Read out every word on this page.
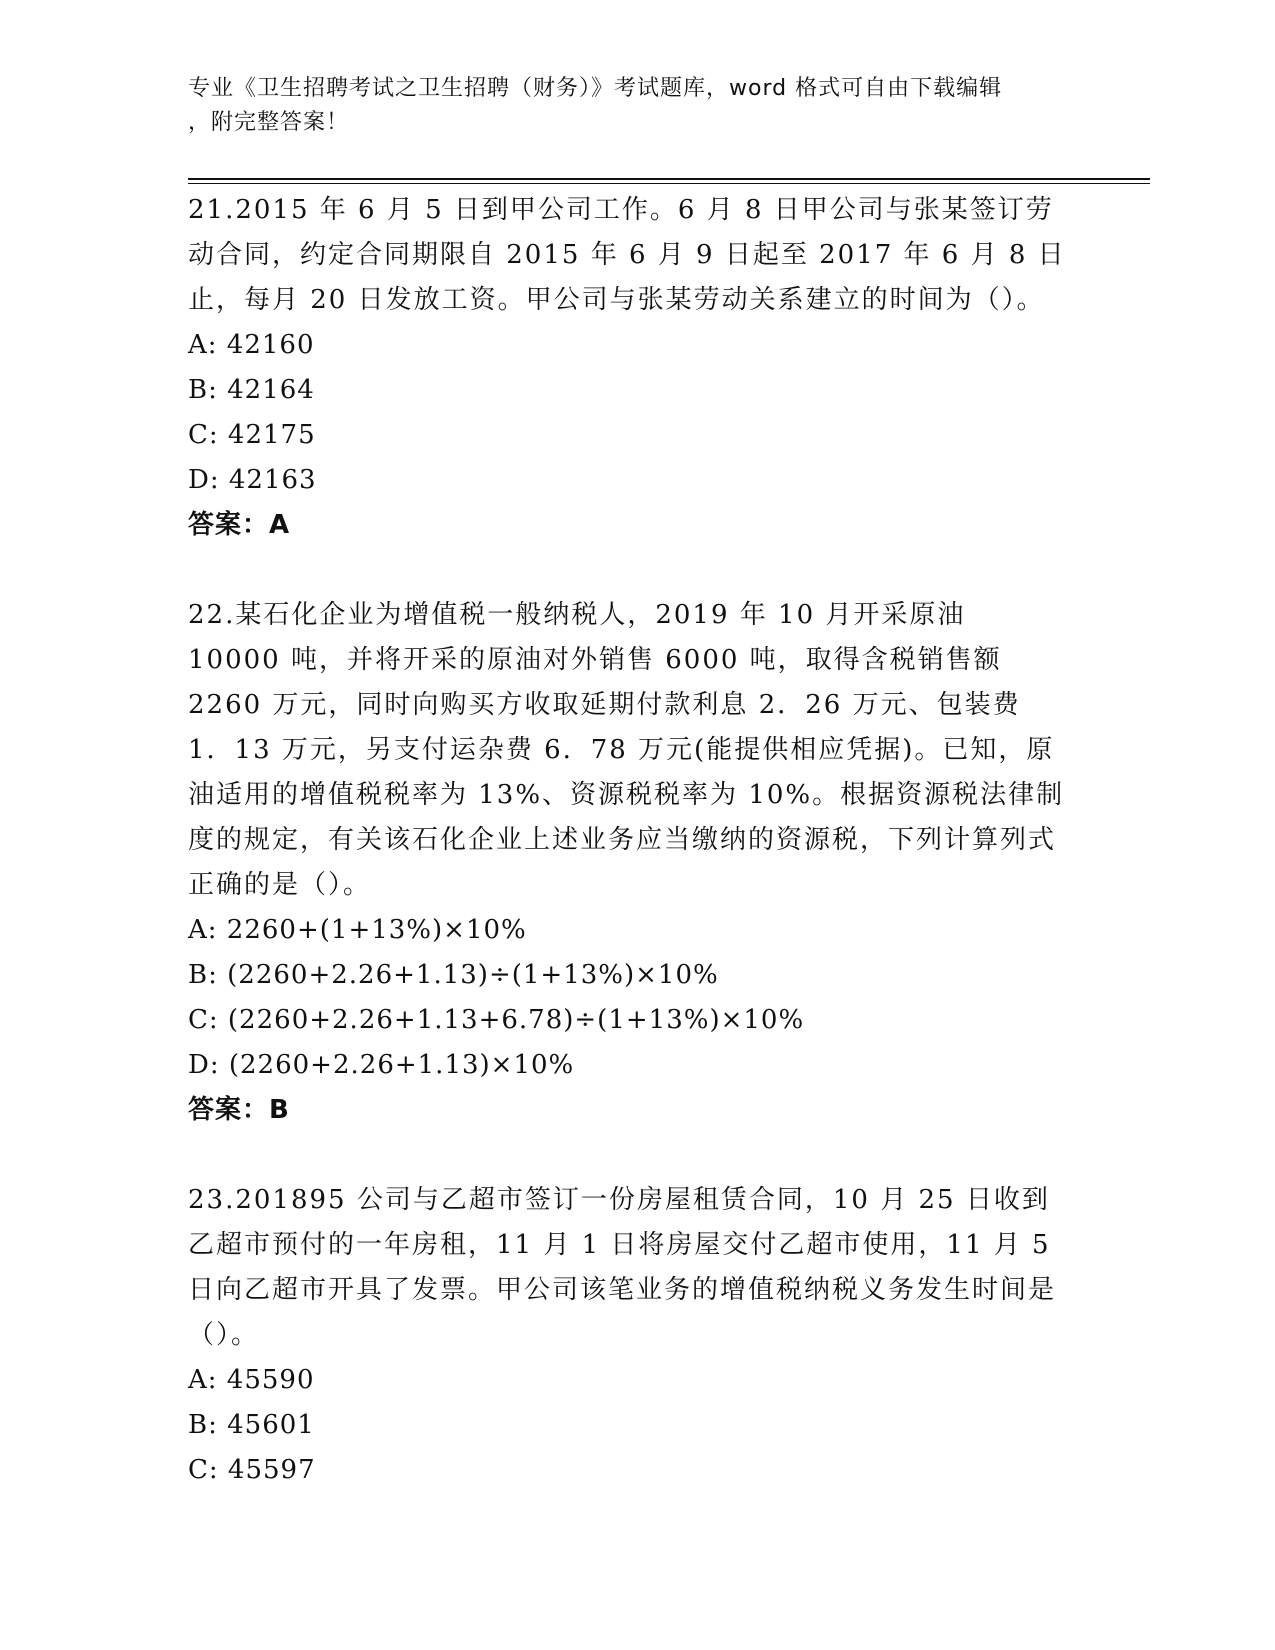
专业《卫生招聘考试之卫生招聘（财务）》考试题库，word 格式可自由下载编辑
，附完整答案！

21.2015 年 6 月 5 日到甲公司工作。6 月 8 日甲公司与张某签订劳动合同，约定合同期限自 2015 年 6 月 9 日起至 2017 年 6 月 8 日止，每月 20 日发放工资。甲公司与张某劳动关系建立的时间为（）。

A: 42160

B: 42164

C: 42175

D: 42163

答案：A

22.某石化企业为增值税一般纳税人，2019 年 10 月开采原油 10000 吨，并将开采的原油对外销售 6000 吨，取得含税销售额 2260 万元，同时向购买方收取延期付款利息 2．26 万元、包装费 1．13 万元，另支付运杂费 6．78 万元(能提供相应凭据)。已知，原油适用的增值税税率为 13%、资源税税率为 10%。根据资源税法律制度的规定，有关该石化企业上述业务应当缴纳的资源税，下列计算列式正确的是（）。

A: 2260+(1+13%)×10%

B: (2260+2.26+1.13)÷(1+13%)×10%

C: (2260+2.26+1.13+6.78)÷(1+13%)×10%

D: (2260+2.26+1.13)×10%

答案：B

23.201895 公司与乙超市签订一份房屋租赁合同，10 月 25 日收到乙超市预付的一年房租，11 月 1 日将房屋交付乙超市使用，11 月 5 日向乙超市开具了发票。甲公司该笔业务的增值税纳税义务发生时间是（）。

A: 45590

B: 45601

C: 45597
